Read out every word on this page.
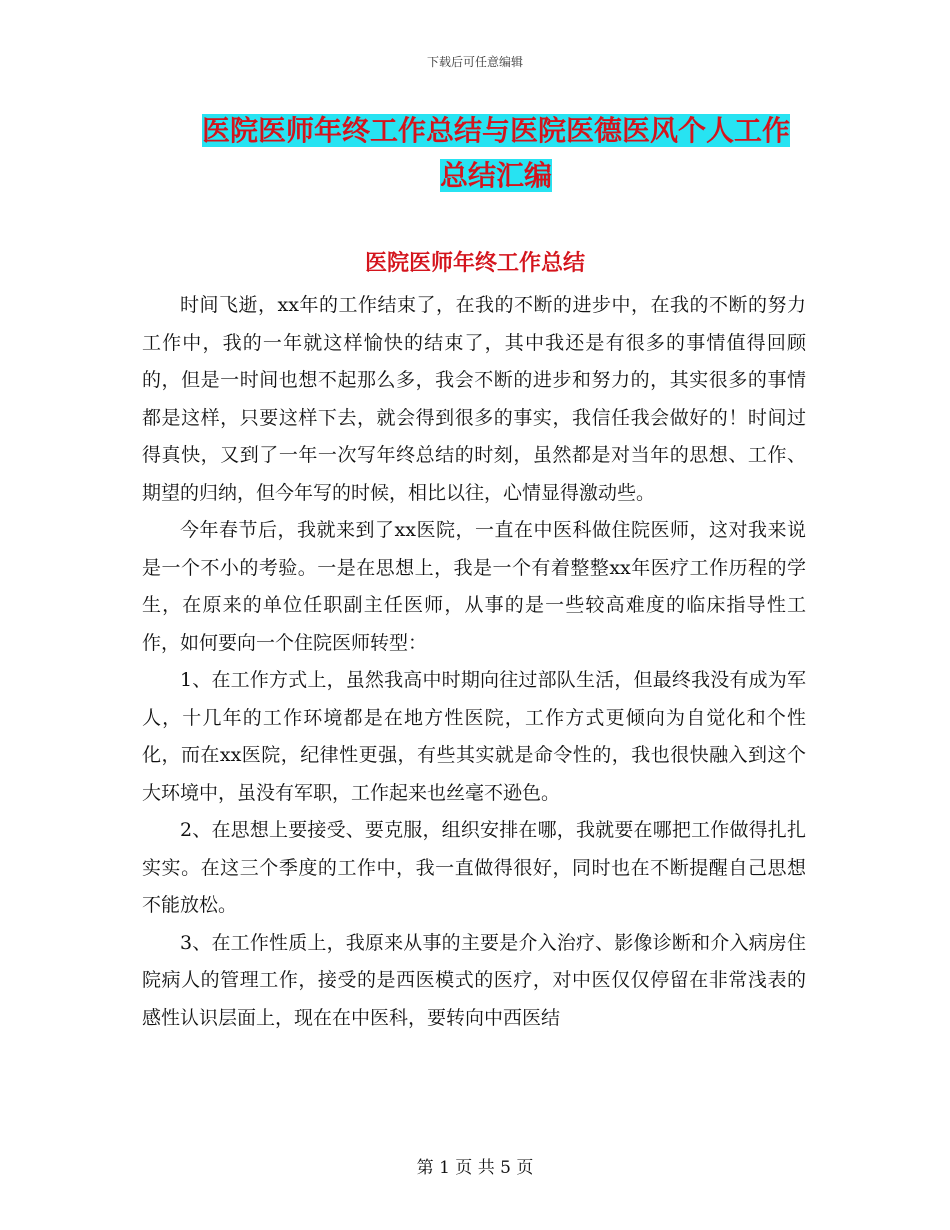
下载后可任意编辑
医院医师年终工作总结与医院医德医风个人工作总结汇编
医院医师年终工作总结

时间飞逝，xx年的工作结束了，在我的不断的进步中，在我的不断的努力工作中，我的一年就这样愉快的结束了，其中我还是有很多的事情值得回顾的，但是一时间也想不起那么多，我会不断的进步和努力的，其实很多的事情都是这样，只要这样下去，就会得到很多的事实，我信任我会做好的！时间过得真快，又到了一年一次写年终总结的时刻，虽然都是对当年的思想、工作、期望的归纳，但今年写的时候，相比以往，心情显得激动些。

今年春节后，我就来到了xx医院，一直在中医科做住院医师，这对我来说是一个不小的考验。一是在思想上，我是一个有着整整xx年医疗工作历程的学生，在原来的单位任职副主任医师，从事的是一些较高难度的临床指导性工作，如何要向一个住院医师转型：

1、在工作方式上，虽然我高中时期向往过部队生活，但最终我没有成为军人，十几年的工作环境都是在地方性医院，工作方式更倾向为自觉化和个性化，而在xx医院，纪律性更强，有些其实就是命令性的，我也很快融入到这个大环境中，虽没有军职，工作起来也丝毫不逊色。

2、在思想上要接受、要克服，组织安排在哪，我就要在哪把工作做得扎扎实实。在这三个季度的工作中，我一直做得很好，同时也在不断提醒自己思想不能放松。

3、在工作性质上，我原来从事的主要是介入治疗、影像诊断和介入病房住院病人的管理工作，接受的是西医模式的医疗，对中医仅仅停留在非常浅表的感性认识层面上，现在在中医科，要转向中西医结

第 1 页 共 5 页
